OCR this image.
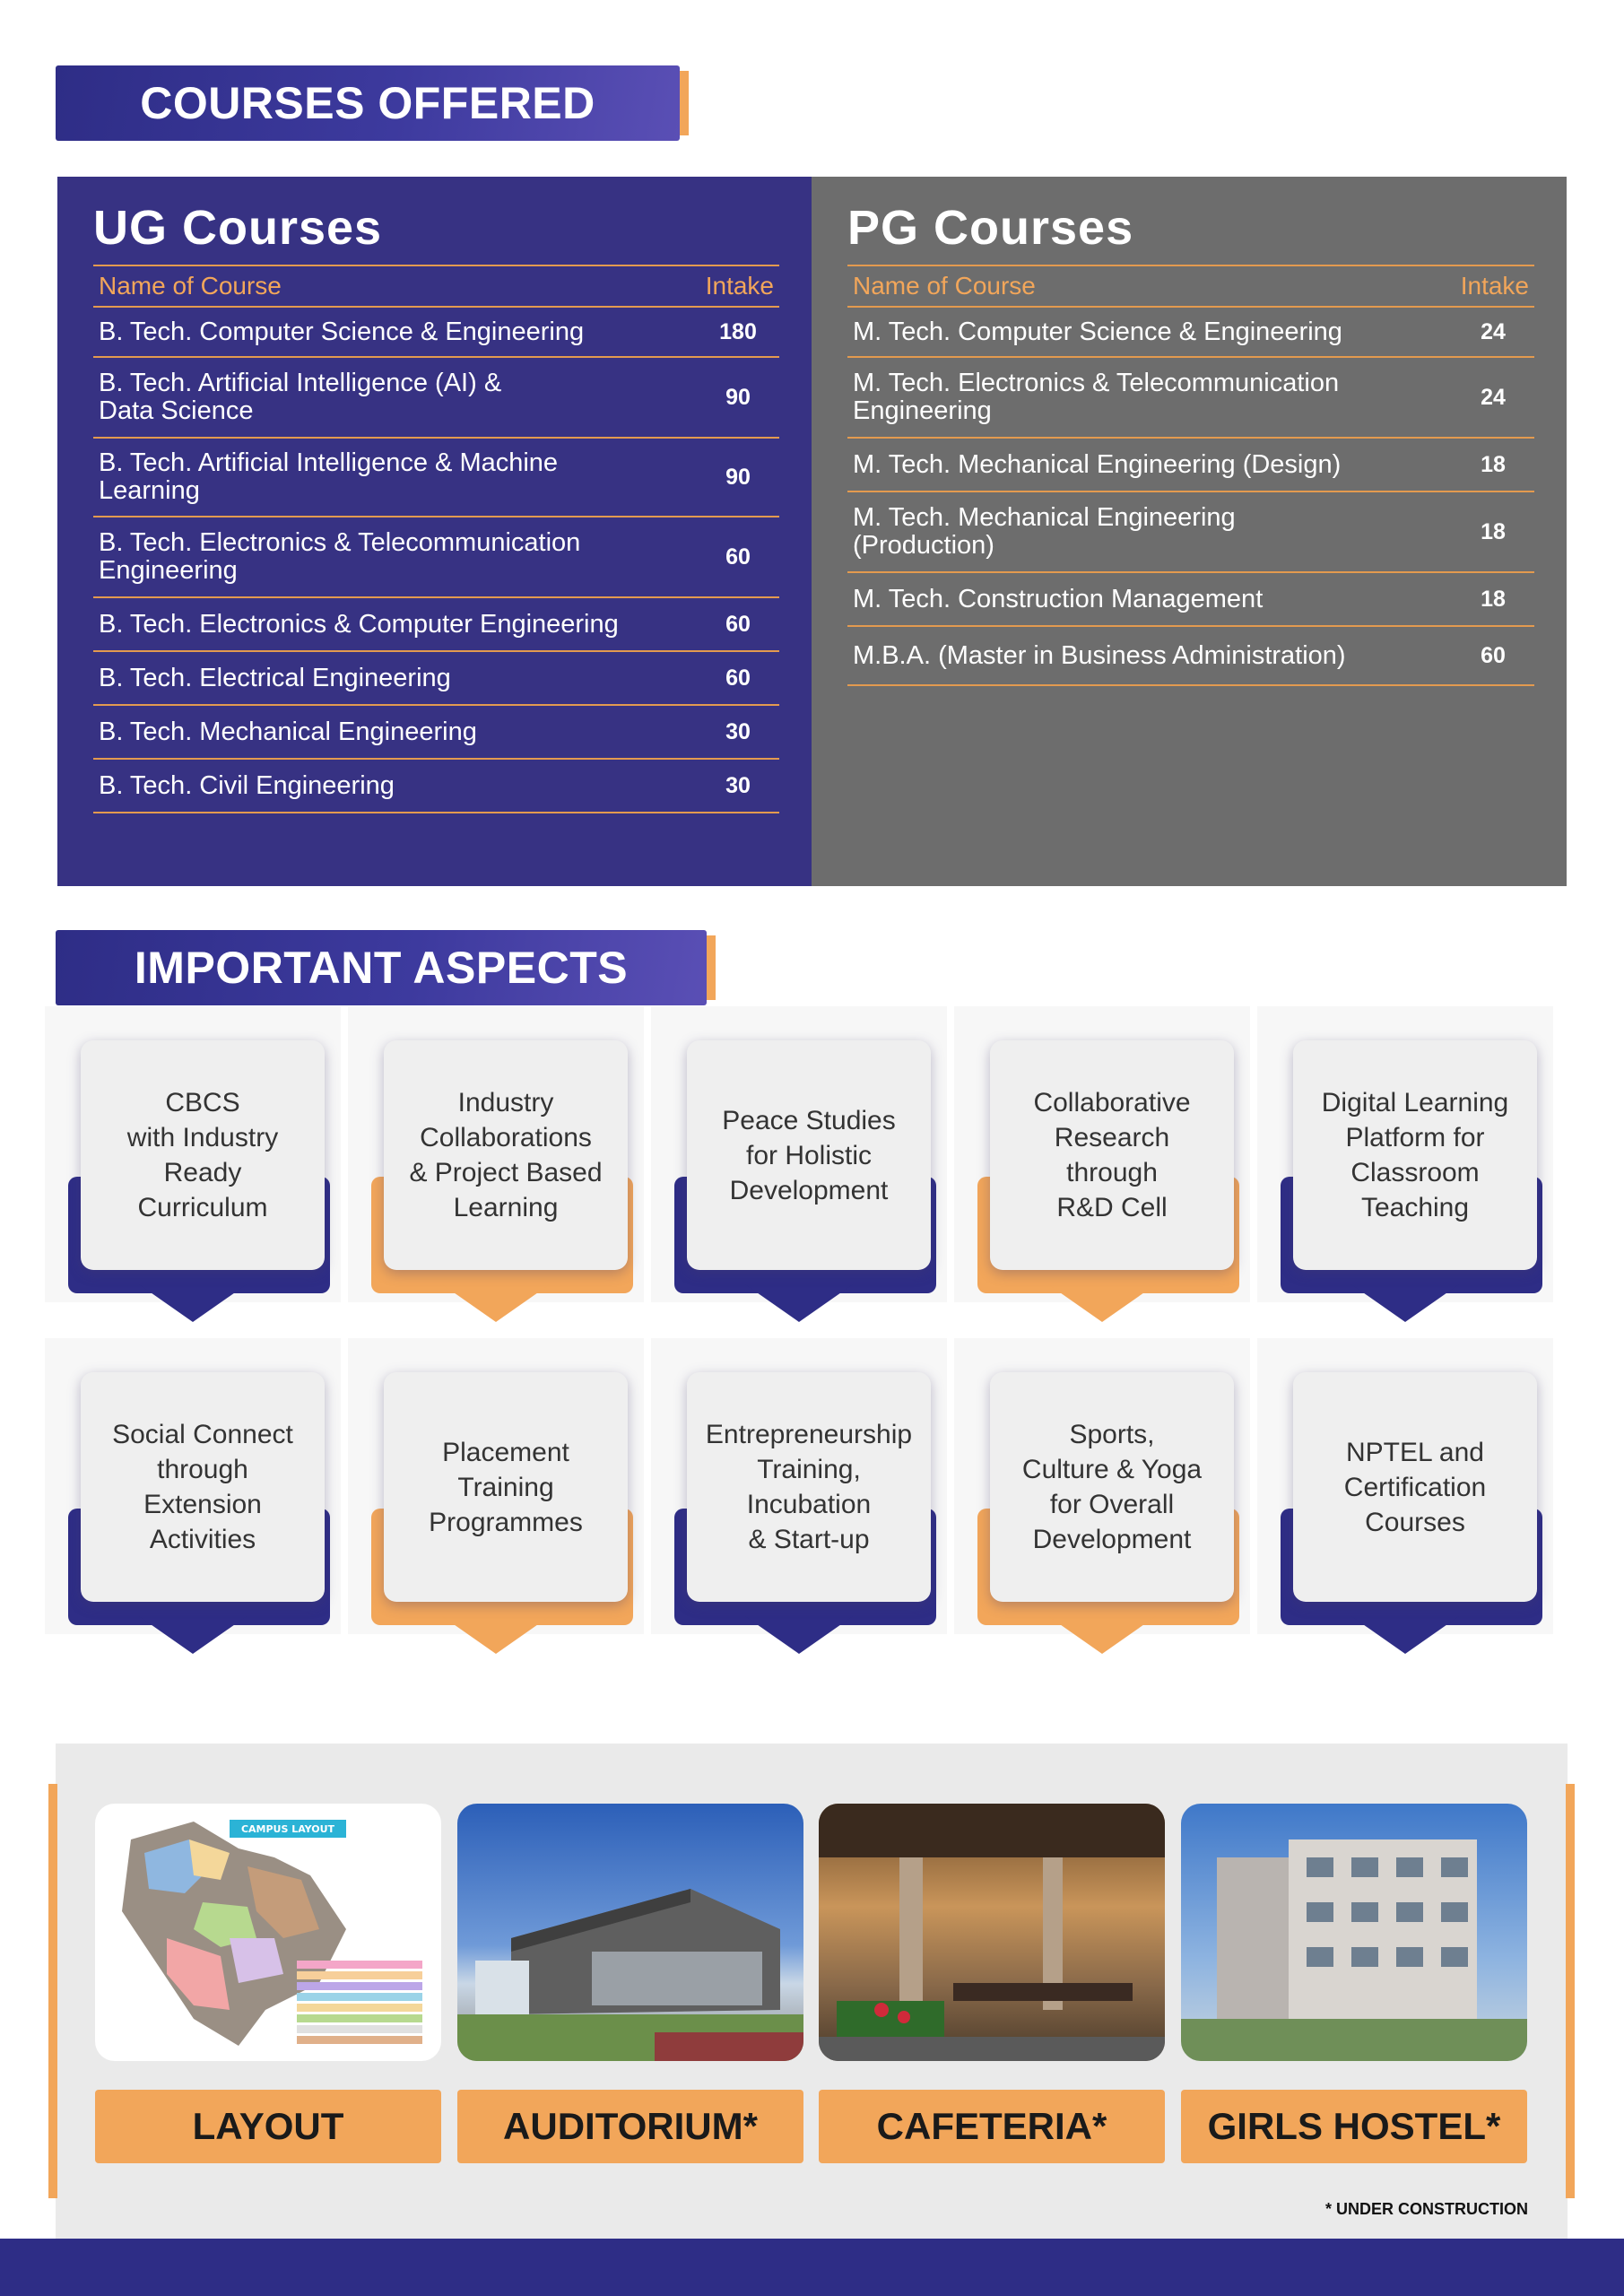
COURSES OFFERED
UG Courses
Name of Course	Intake
B. Tech. Computer Science & Engineering	180
B. Tech. Artificial Intelligence (AI) &
Data Science	90
B. Tech. Artificial Intelligence & Machine
Learning	90
B. Tech. Electronics & Telecommunication
Engineering	60
B. Tech. Electronics & Computer Engineering	60
B. Tech. Electrical Engineering	60
B. Tech. Mechanical Engineering	30
B. Tech. Civil Engineering	30
PG Courses
Name of Course	Intake
M. Tech. Computer Science & Engineering	24
M. Tech. Electronics & Telecommunication
Engineering	24
M. Tech. Mechanical Engineering (Design)	18
M. Tech. Mechanical Engineering
(Production)	18
M. Tech. Construction Management	18
M.B.A. (Master in Business Administration)	60
IMPORTANT ASPECTS
CBCS
with Industry
Ready
Curriculum
Industry
Collaborations
& Project Based
Learning
Peace Studies
for Holistic
Development
Collaborative
Research
through
R&D Cell
Digital Learning
Platform for
Classroom
Teaching
Social Connect
through
Extension
Activities
Placement
Training
Programmes
Entrepreneurship
Training,
Incubation
& Start-up
Sports,
Culture & Yoga
for Overall
Development
NPTEL and
Certification
Courses
CAMPUS LAYOUT
LAYOUT	AUDITORIUM*	CAFETERIA*	GIRLS HOSTEL*
* UNDER CONSTRUCTION
